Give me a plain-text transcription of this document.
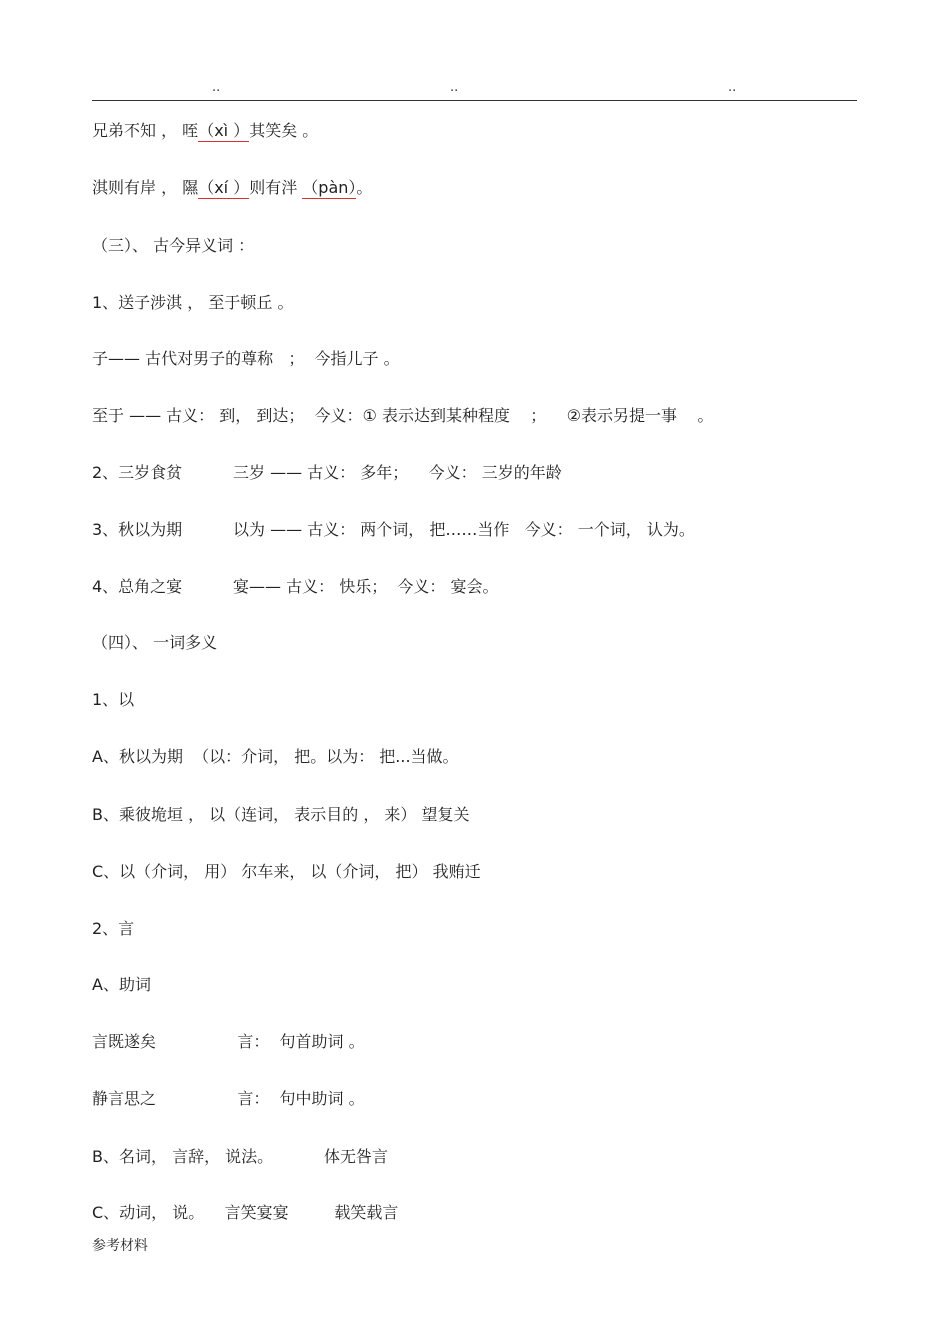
..	..	..
兄弟不知 ， 咥（xì ）其笑矣 。
淇则有岸 ， 隰（xí ）则有泮 （pàn）。
（三）、 古今异义词 ：
1、送子涉淇 ， 至于顿丘 。
子—— 古代对男子的尊称   ；  今指儿子 。
至于 —— 古义： 到， 到达；  今义：① 表示达到某种程度    ；    ②表示另提一事    。
2、三岁食贫          三岁 —— 古义： 多年；    今义： 三岁的年龄
3、秋以为期          以为 —— 古义： 两个词， 把……当作   今义： 一个词， 认为。
4、总角之宴          宴—— 古义： 快乐；  今义： 宴会。
（四）、 一词多义
1、以
A、秋以为期  （以：介词， 把。以为： 把...当做。
B、乘彼垝垣 ， 以（连词， 表示目的 ， 来） 望复关
C、以（介词， 用） 尔车来， 以（介词， 把） 我贿迁
2、言
A、助词
言既遂矣                言：  句首助词 。
静言思之                言：  句中助词 。
B、名词， 言辞， 说法。          体无咎言
C、动词， 说。    言笑宴宴         载笑载言
参考材料
